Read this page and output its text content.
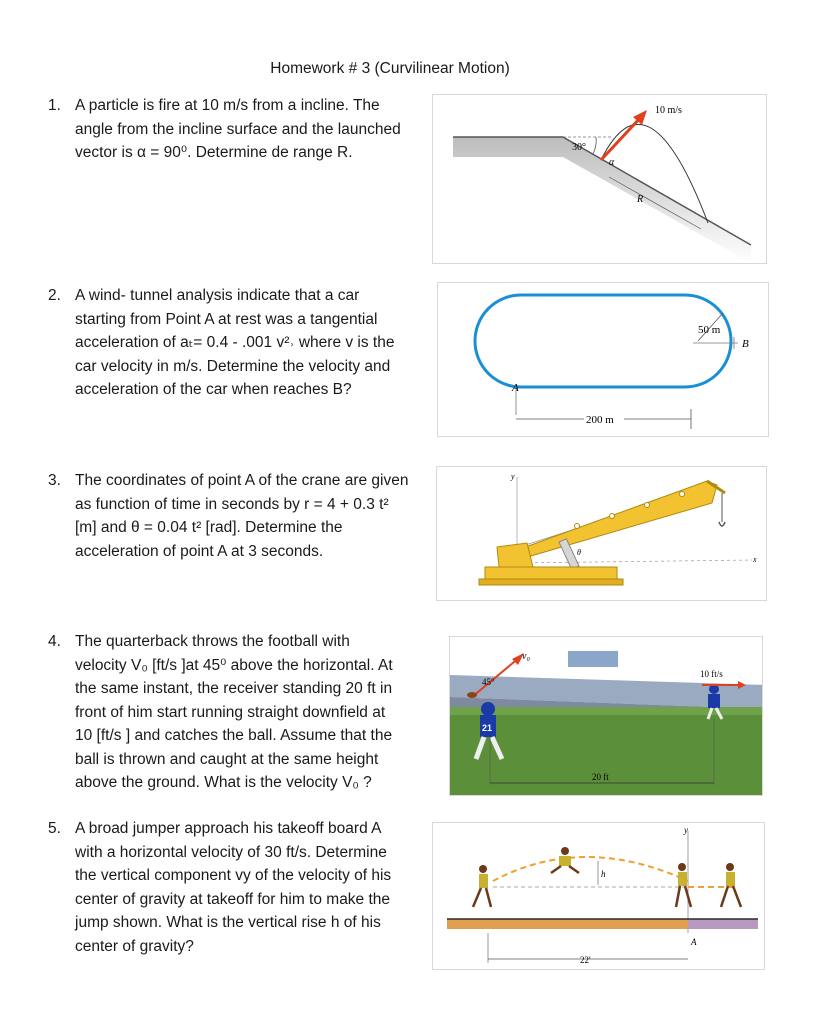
Homework # 3 (Curvilinear Motion)
1. A particle is fire at 10 m/s from a incline. The
angle from the incline surface and the launched
vector is α = 90⁰. Determine de range R.	30°
10 m/s
α
R
2. A wind- tunnel analysis indicate that a car
starting from Point A at rest was a tangential
acceleration of aₜ= 0.4 - .001 v²˒ where v is the
car velocity in m/s. Determine the velocity and
acceleration of the car when reaches B?	A
B
50 m
200 m
3. The coordinates of point A of the crane are given
as function of time in seconds by r = 4 + 0.3 t²
[m] and θ = 0.04 t² [rad]. Determine the
acceleration of point A at 3 seconds.
y
x
θ
4. The quarterback throws the football with
velocity V₀ [ft/s ]at 45⁰ above the horizontal. At
the same instant, the receiver standing 20 ft in
front of him start running straight downfield at
10 [ft/s ] and catches the ball. Assume that the
ball is thrown and caught at the same height
above the ground. What is the velocity V₀ ?
v₀
45°
21
10 ft/s
20 ft
5. A broad jumper approach his takeoff board A
with a horizontal velocity of 30 ft/s. Determine
the vertical component vy of the velocity of his
center of gravity at takeoff for him to make the
jump shown. What is the vertical rise h of his
center of gravity?
y
h
A
22'
